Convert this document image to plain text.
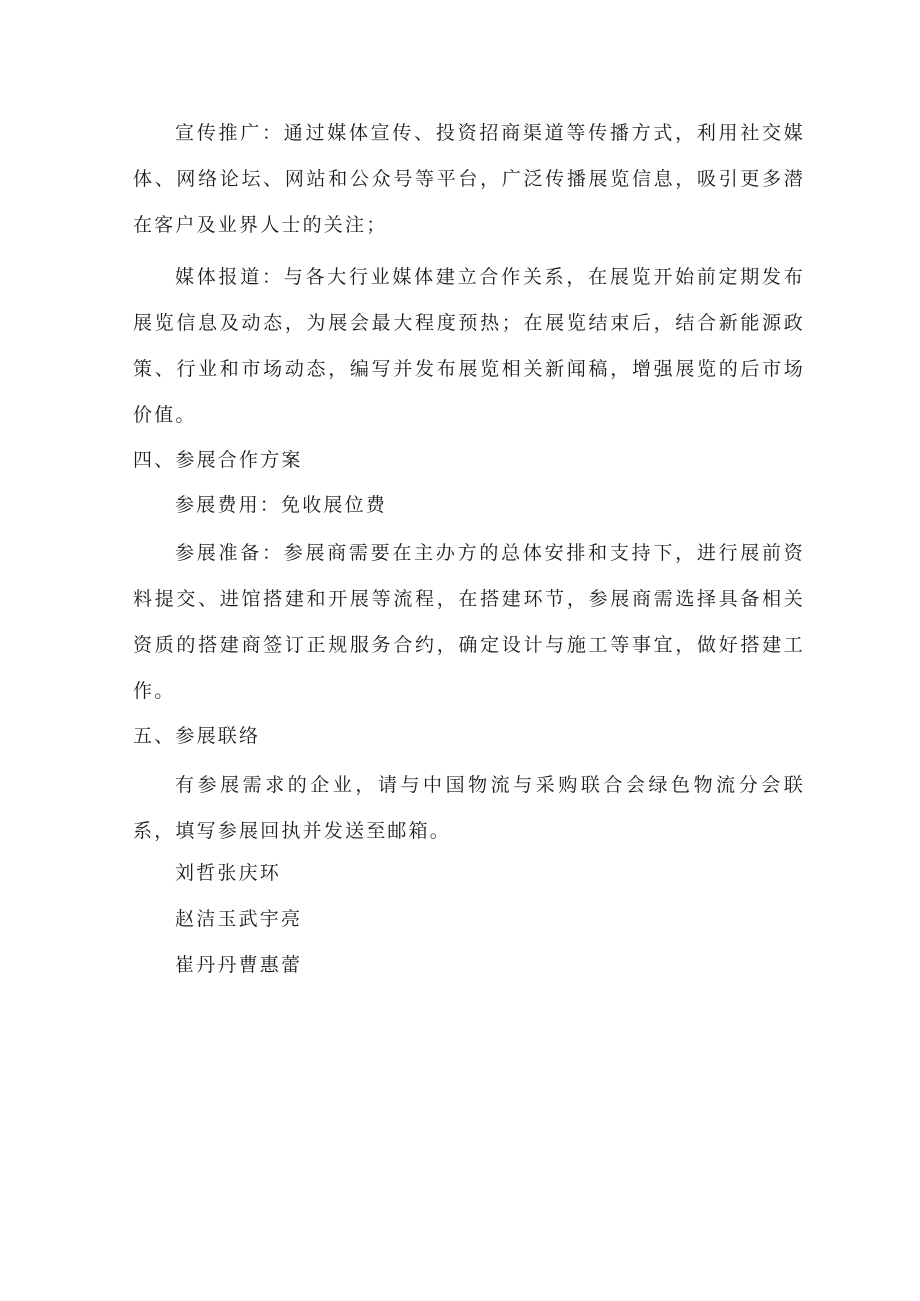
宣传推广：通过媒体宣传、投资招商渠道等传播方式，利用社交媒体、网络论坛、网站和公众号等平台，广泛传播展览信息，吸引更多潜在客户及业界人士的关注；

媒体报道：与各大行业媒体建立合作关系，在展览开始前定期发布展览信息及动态，为展会最大程度预热；在展览结束后，结合新能源政策、行业和市场动态，编写并发布展览相关新闻稿，增强展览的后市场价值。

四、参展合作方案

参展费用：免收展位费

参展准备：参展商需要在主办方的总体安排和支持下，进行展前资料提交、进馆搭建和开展等流程，在搭建环节，参展商需选择具备相关资质的搭建商签订正规服务合约，确定设计与施工等事宜，做好搭建工作。

五、参展联络

有参展需求的企业，请与中国物流与采购联合会绿色物流分会联系，填写参展回执并发送至邮箱。

刘哲张庆环

赵洁玉武宇亮

崔丹丹曹惠蕾
